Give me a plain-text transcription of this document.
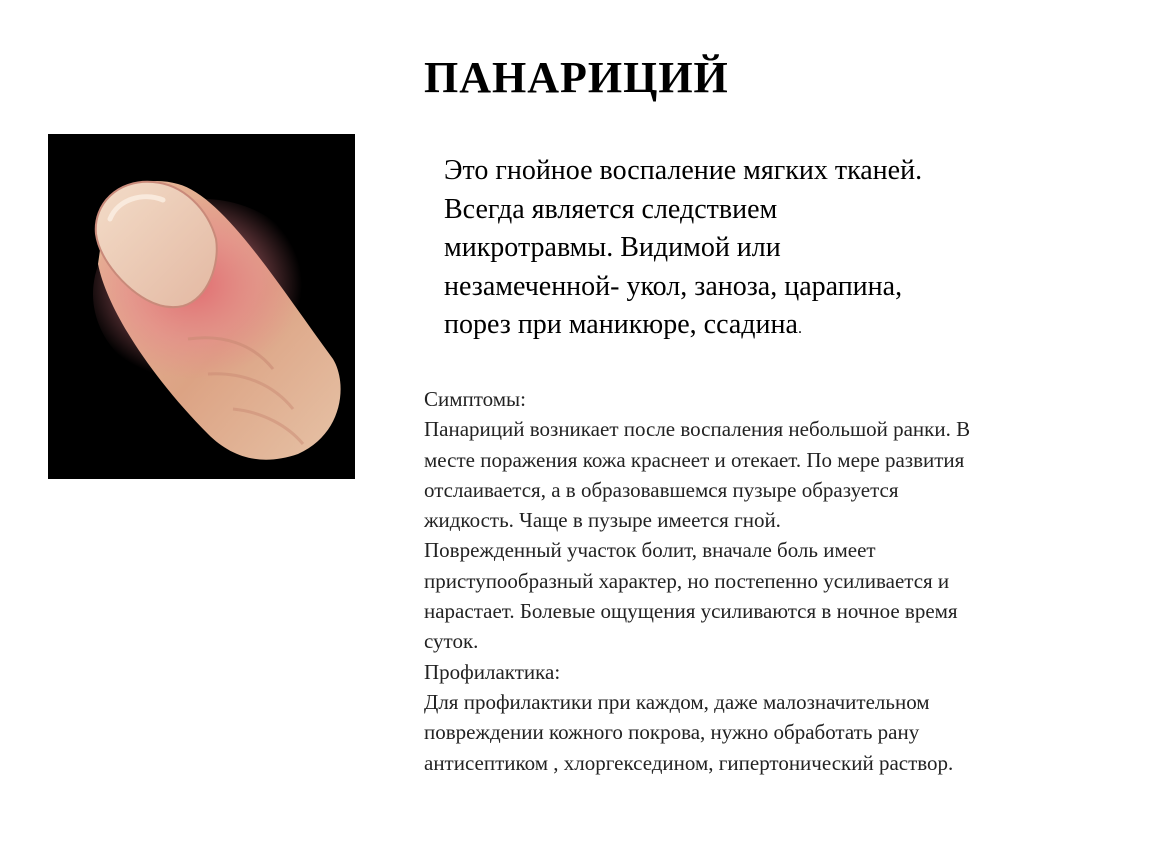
ПАНАРИЦИЙ
Это гнойное воспаление мягких тканей.
Всегда является следствием
микротравмы. Видимой или
незамеченной- укол, заноза, царапина,
порез при маникюре, ссадина.
Симптомы:
Панариций возникает после воспаления небольшой ранки. В
месте поражения кожа краснеет и отекает. По мере развития
отслаивается, а в образовавшемся пузыре образуется
жидкость. Чаще в пузыре имеется гной.
Поврежденный участок болит, вначале боль имеет
приступообразный характер, но постепенно усиливается и
нарастает. Болевые ощущения усиливаются в ночное время
суток.
Профилактика:
Для профилактики при каждом, даже малозначительном
повреждении кожного покрова, нужно обработать рану
антисептиком , хлоргекседином, гипертонический раствор.
